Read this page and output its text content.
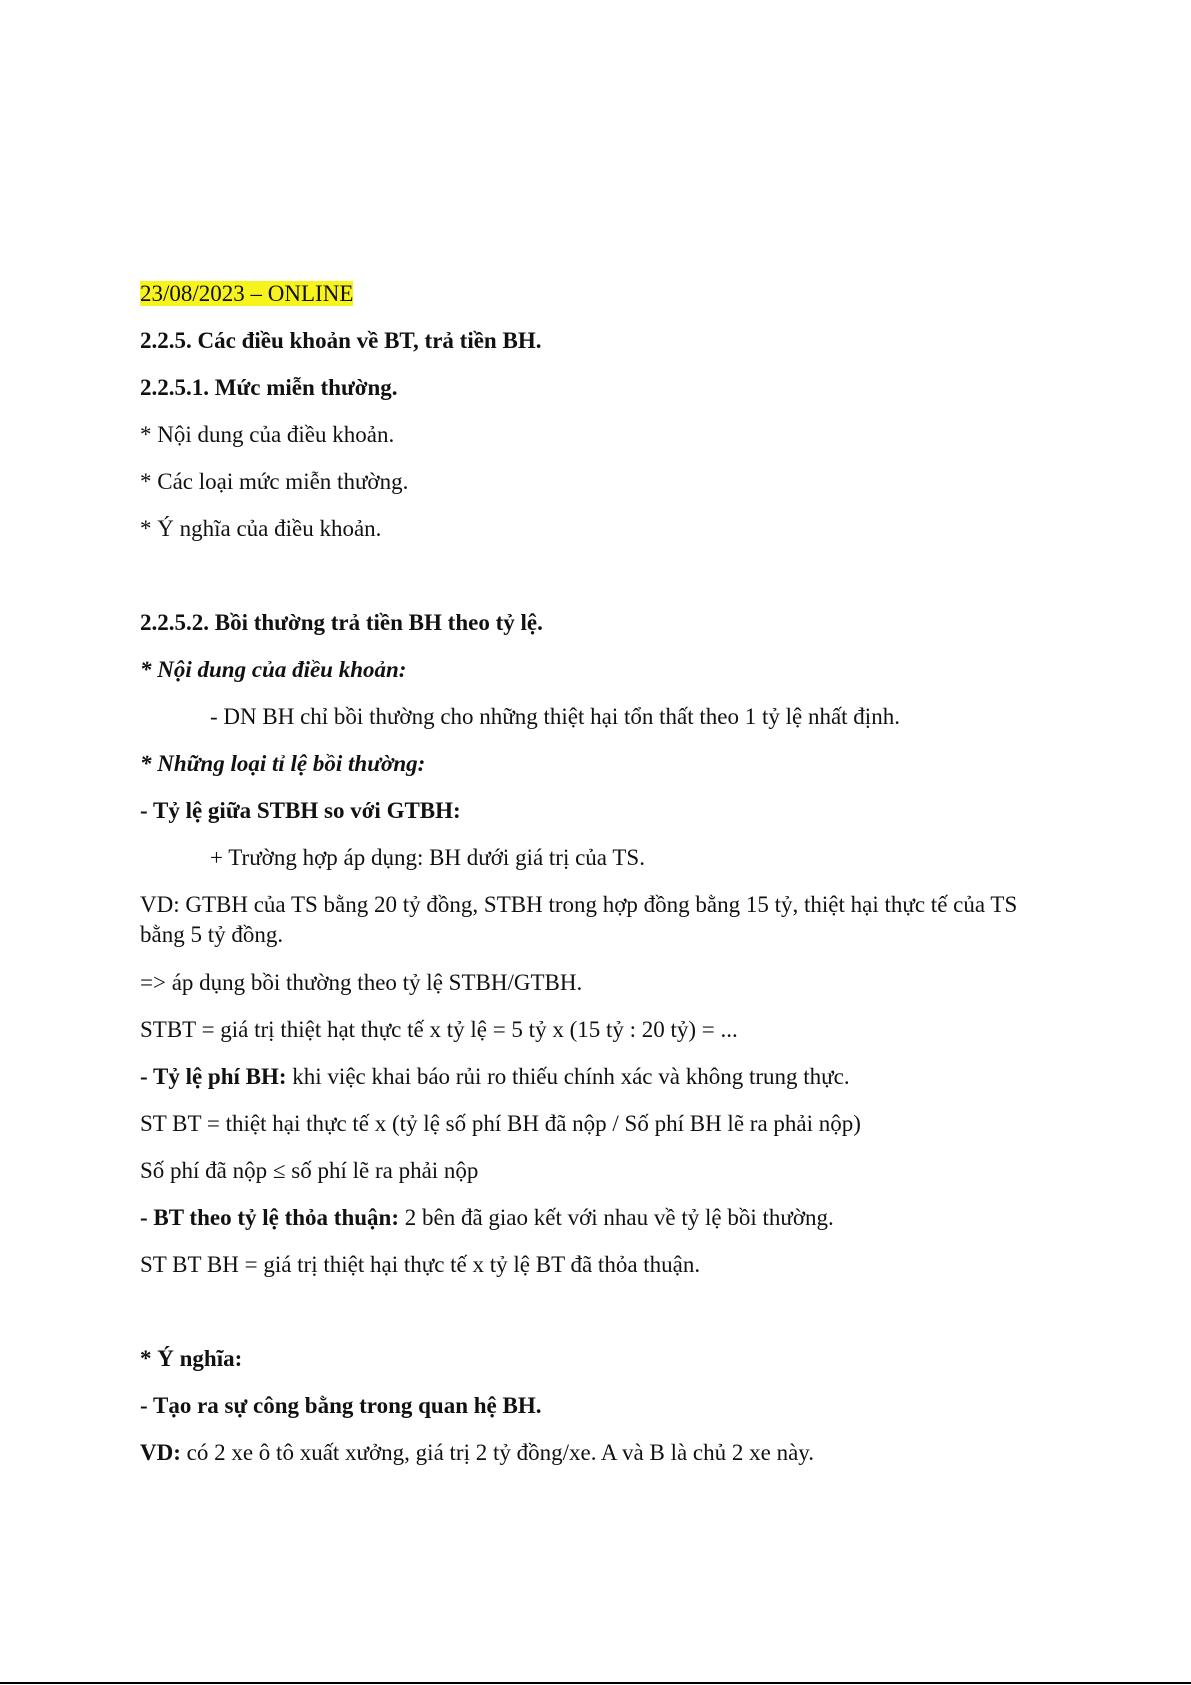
23/08/2023 – ONLINE
2.2.5. Các điều khoản về BT, trả tiền BH.
2.2.5.1. Mức miễn thường.
* Nội dung của điều khoản.
* Các loại mức miễn thường.
* Ý nghĩa của điều khoản.
2.2.5.2. Bồi thường trả tiền BH theo tỷ lệ.
* Nội dung của điều khoản:
- DN BH chỉ bồi thường cho những thiệt hại tổn thất theo 1 tỷ lệ nhất định.
* Những loại tỉ lệ bồi thường:
- Tỷ lệ giữa STBH so với GTBH:
+ Trường hợp áp dụng: BH dưới giá trị của TS.
VD: GTBH của TS bằng 20 tỷ đồng, STBH trong hợp đồng bằng 15 tỷ, thiệt hại thực tế của TS bằng 5 tỷ đồng.
=> áp dụng bồi thường theo tỷ lệ STBH/GTBH.
STBT = giá trị thiệt hạt thực tế x tỷ lệ = 5 tỷ x (15 tỷ : 20 tỷ) = ...
- Tỷ lệ phí BH: khi việc khai báo rủi ro thiếu chính xác và không trung thực.
ST BT = thiệt hại thực tế x (tỷ lệ số phí BH đã nộp / Số phí BH lẽ ra phải nộp)
Số phí đã nộp ≤ số phí lẽ ra phải nộp
- BT theo tỷ lệ thỏa thuận: 2 bên đã giao kết với nhau về tỷ lệ bồi thường.
ST BT BH = giá trị thiệt hại thực tế x tỷ lệ BT đã thỏa thuận.
* Ý nghĩa:
- Tạo ra sự công bằng trong quan hệ BH.
VD: có 2 xe ô tô xuất xưởng, giá trị 2 tỷ đồng/xe. A và B là chủ 2 xe này.
